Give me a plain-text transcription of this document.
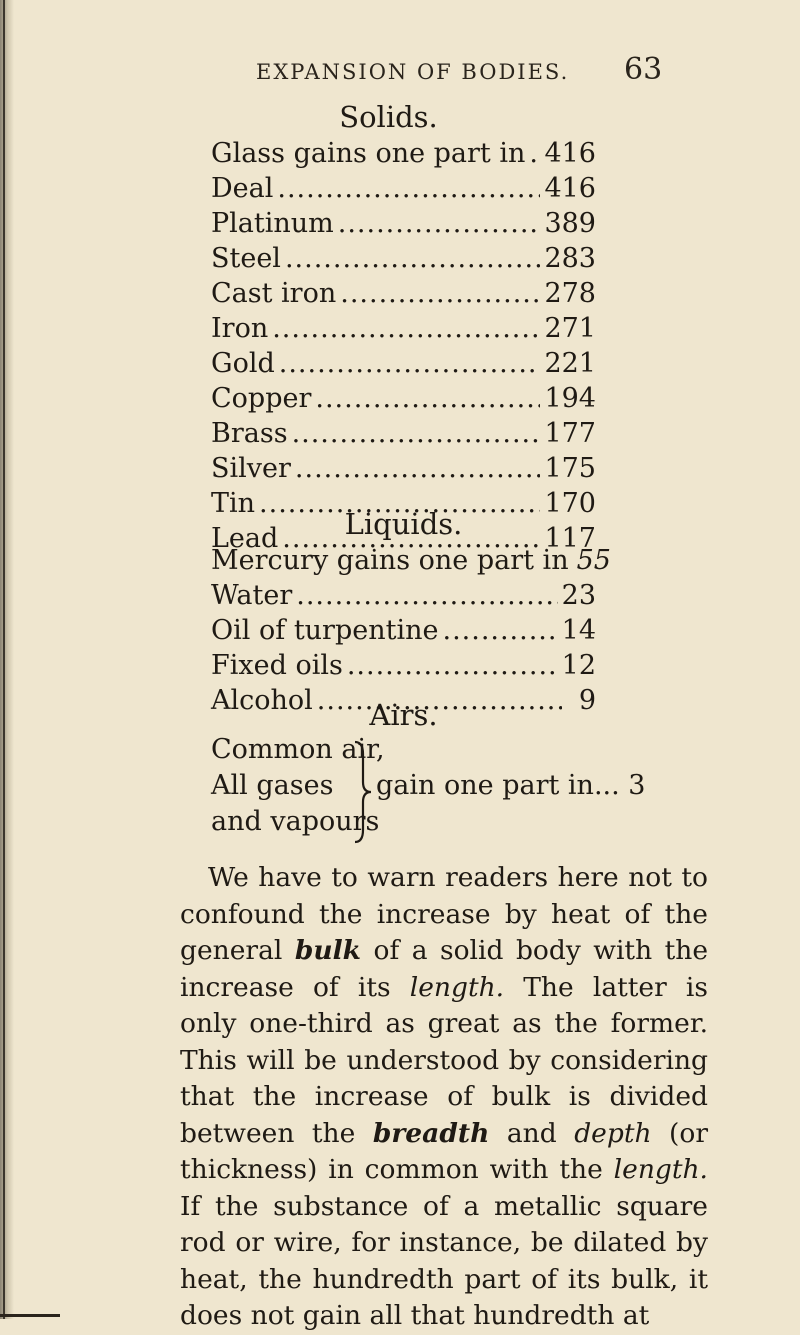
EXPANSION OF BODIES. 63
Solids.
Glass gains one part in ..... 416
Deal .....	416
Platinum .....	389
Steel .....	283
Cast iron .....	278
Iron .....	271
Gold .....	221
Copper .....	194
Brass .....	177
Silver .....	175
Tin .....	170
Lead .....	117
Liquids.
Mercury gains one part in 55
Water .....	23
Oil of turpentine .....	14
Fixed oils .....	12
Alcohol .....	9
Airs.
Common air,
All gases
and vapours
gain one part in... 3

We have to warn readers here not to confound the increase by heat of the general bulk of a solid body with the increase of its length. The latter is only one-third as great as the former. This will be understood by considering that the increase of bulk is divided between the breadth and depth (or thickness) in common with the length. If the substance of a metallic square rod or wire, for instance, be dilated by heat, the hundredth part of its bulk, it does not gain all that hundredth at
